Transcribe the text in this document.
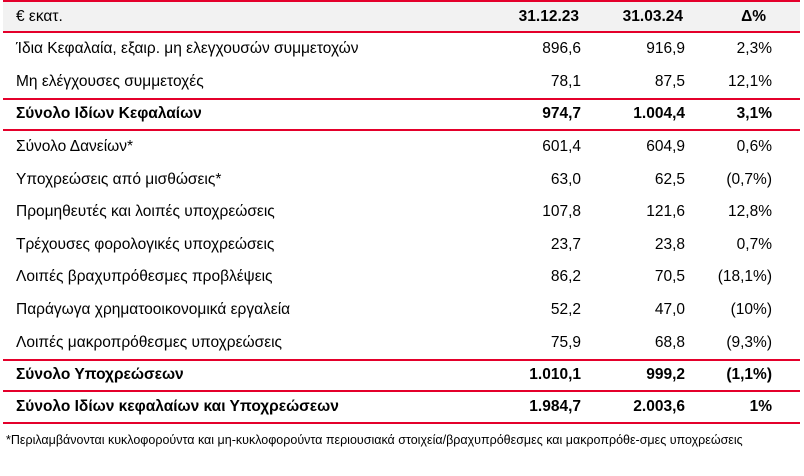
€ εκατ.	31.12.23	31.03.24	Δ%
Ίδια Κεφαλαία, εξαιρ. μη ελεγχουσών συμμετοχών	896,6	916,9	2,3%
Μη ελέγχουσες συμμετοχές	78,1	87,5	12,1%
Σύνολο Ιδίων Κεφαλαίων	974,7	1.004,4	3,1%
Σύνολο Δανείων*	601,4	604,9	0,6%
Υποχρεώσεις από μισθώσεις*	63,0	62,5	(0,7%)
Προμηθευτές και λοιπές υποχρεώσεις	107,8	121,6	12,8%
Τρέχουσες φορολογικές υποχρεώσεις	23,7	23,8	0,7%
Λοιπές βραχυπρόθεσμες προβλέψεις	86,2	70,5	(18,1%)
Παράγωγα χρηματοοικονομικά εργαλεία	52,2	47,0	(10%)
Λοιπές μακροπρόθεσμες υποχρεώσεις	75,9	68,8	(9,3%)
Σύνολο Υποχρεώσεων	1.010,1	999,2	(1,1%)
Σύνολο Ιδίων κεφαλαίων και Υποχρεώσεων	1.984,7	2.003,6	1%
*Περιλαμβάνονται κυκλοφορούντα και μη-κυκλοφορούντα περιουσιακά στοιχεία/βραχυπρόθεσμες και μακροπρόθε-σμες υποχρεώσεις
